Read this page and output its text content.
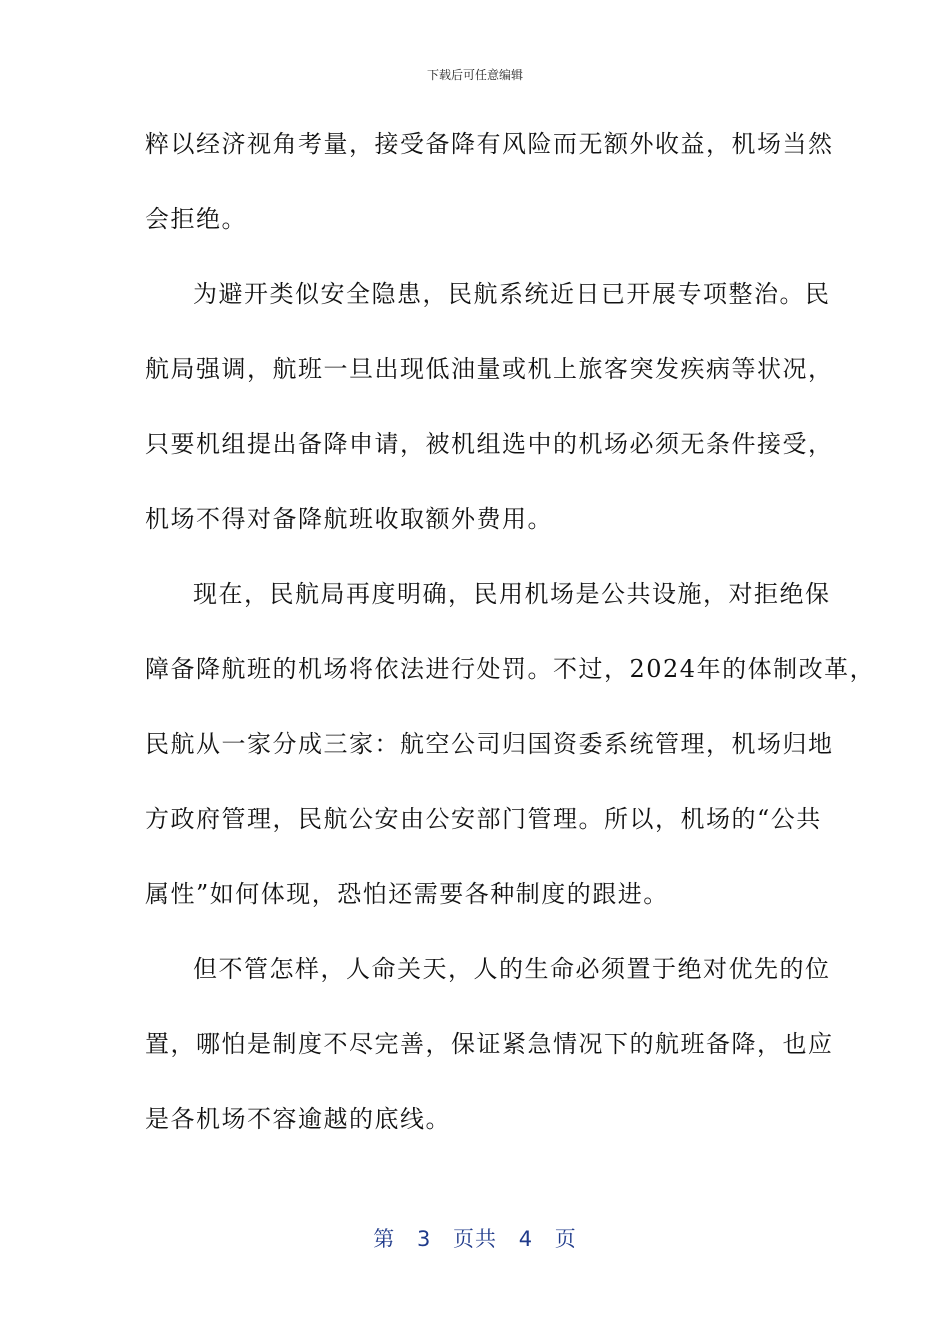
下载后可任意编辑
粹以经济视角考量，接受备降有风险而无额外收益，机场当然
会拒绝。
为避开类似安全隐患，民航系统近日已开展专项整治。民
航局强调，航班一旦出现低油量或机上旅客突发疾病等状况，
只要机组提出备降申请，被机组选中的机场必须无条件接受，
机场不得对备降航班收取额外费用。
现在，民航局再度明确，民用机场是公共设施，对拒绝保
障备降航班的机场将依法进行处罚。不过，2024年的体制改革，
民航从一家分成三家：航空公司归国资委系统管理，机场归地
方政府管理，民航公安由公安部门管理。所以，机场的“公共
属性”如何体现，恐怕还需要各种制度的跟进。
但不管怎样，人命关天，人的生命必须置于绝对优先的位
置，哪怕是制度不尽完善，保证紧急情况下的航班备降，也应
是各机场不容逾越的底线。
第 3 页共 4 页
